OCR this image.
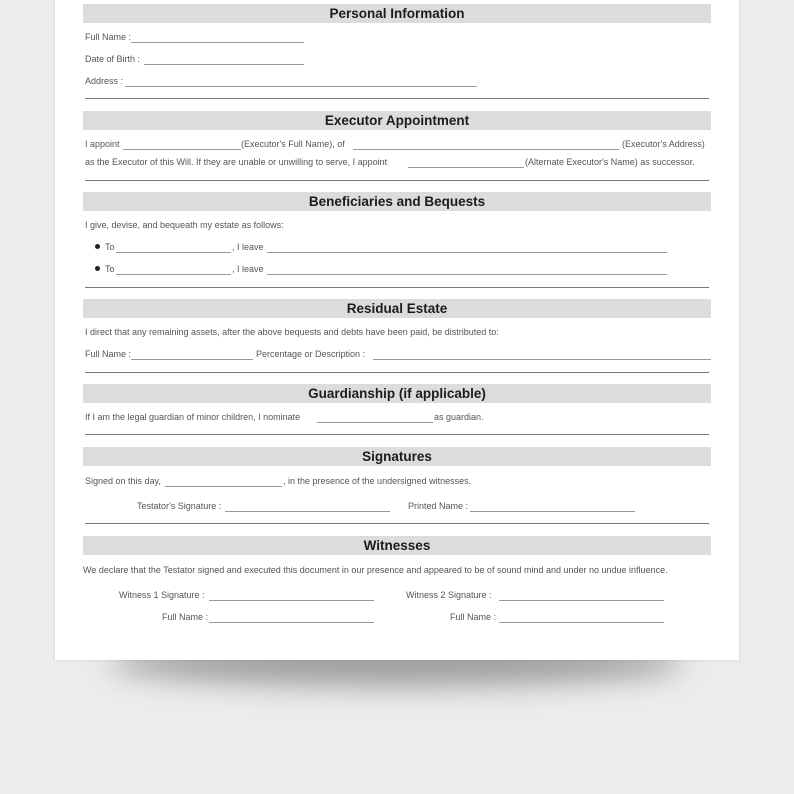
Personal Information
Full Name :
Date of Birth :
Address :
Executor Appointment
I appoint	(Executor's Full Name), of	(Executor's Address)
as the Executor of this Will. If they are unable or unwilling to serve, I appoint	(Alternate Executor's Name) as successor.
Beneficiaries and Bequests
I give, devise, and bequeath my estate as follows:
To	, I leave
To	, I leave
Residual Estate
I direct that any remaining assets, after the above bequests and debts have been paid, be distributed to:
Full Name :	Percentage or Description :
Guardianship (if applicable)
If I am the legal guardian of minor children, I nominate	as guardian.
Signatures
Signed on this day,	, in the presence of the undersigned witnesses.
Testator's Signature :	Printed Name :
Witnesses
We declare that the Testator signed and executed this document in our presence and appeared to be of sound mind and under no undue influence.
Witness 1 Signature :	Witness 2 Signature :
Full Name :	Full Name :
